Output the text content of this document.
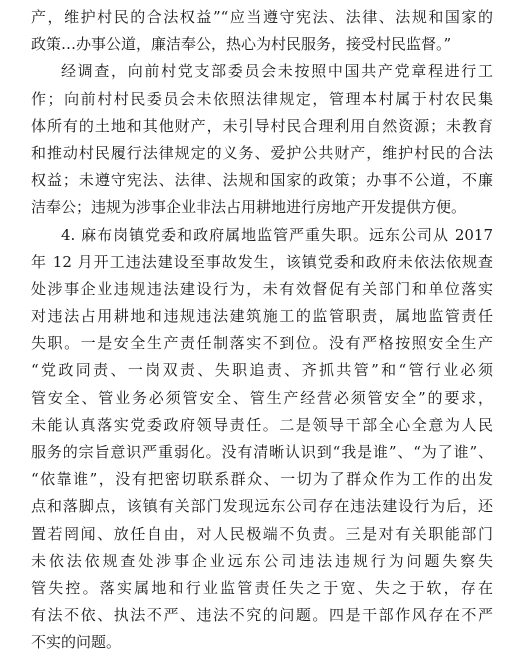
产，维护村民的合法权益”“应当遵守宪法、法律、法规和国家的
政策…办事公道，廉洁奉公，热心为村民服务，接受村民监督。”
经调查，向前村党支部委员会未按照中国共产党章程进行工
作；向前村村民委员会未依照法律规定，管理本村属于村农民集
体所有的土地和其他财产，未引导村民合理利用自然资源；未教育
和推动村民履行法律规定的义务、爱护公共财产，维护村民的合法
权益；未遵守宪法、法律、法规和国家的政策；办事不公道，不廉
洁奉公；违规为涉事企业非法占用耕地进行房地产开发提供方便。
4. 麻布岗镇党委和政府属地监管严重失职。远东公司从 2017
年 12 月开工违法建设至事故发生，该镇党委和政府未依法依规查
处涉事企业违规违法建设行为，未有效督促有关部门和单位落实
对违法占用耕地和违规违法建筑施工的监管职责，属地监管责任
失职。一是安全生产责任制落实不到位。没有严格按照安全生产
“党政同责、一岗双责、失职追责、齐抓共管”和“管行业必须
管安全、管业务必须管安全、管生产经营必须管安全”的要求，
未能认真落实党委政府领导责任。二是领导干部全心全意为人民
服务的宗旨意识严重弱化。没有清晰认识到“我是谁”、“为了谁”、
“依靠谁”，没有把密切联系群众、一切为了群众作为工作的出发
点和落脚点，该镇有关部门发现远东公司存在违法建设行为后，还
置若罔闻、放任自由，对人民极端不负责。三是对有关职能部门
未依法依规查处涉事企业远东公司违法违规行为问题失察失
管失控。落实属地和行业监管责任失之于宽、失之于软，存在
有法不依、执法不严、违法不究的问题。四是干部作风存在不严
不实的问题。
